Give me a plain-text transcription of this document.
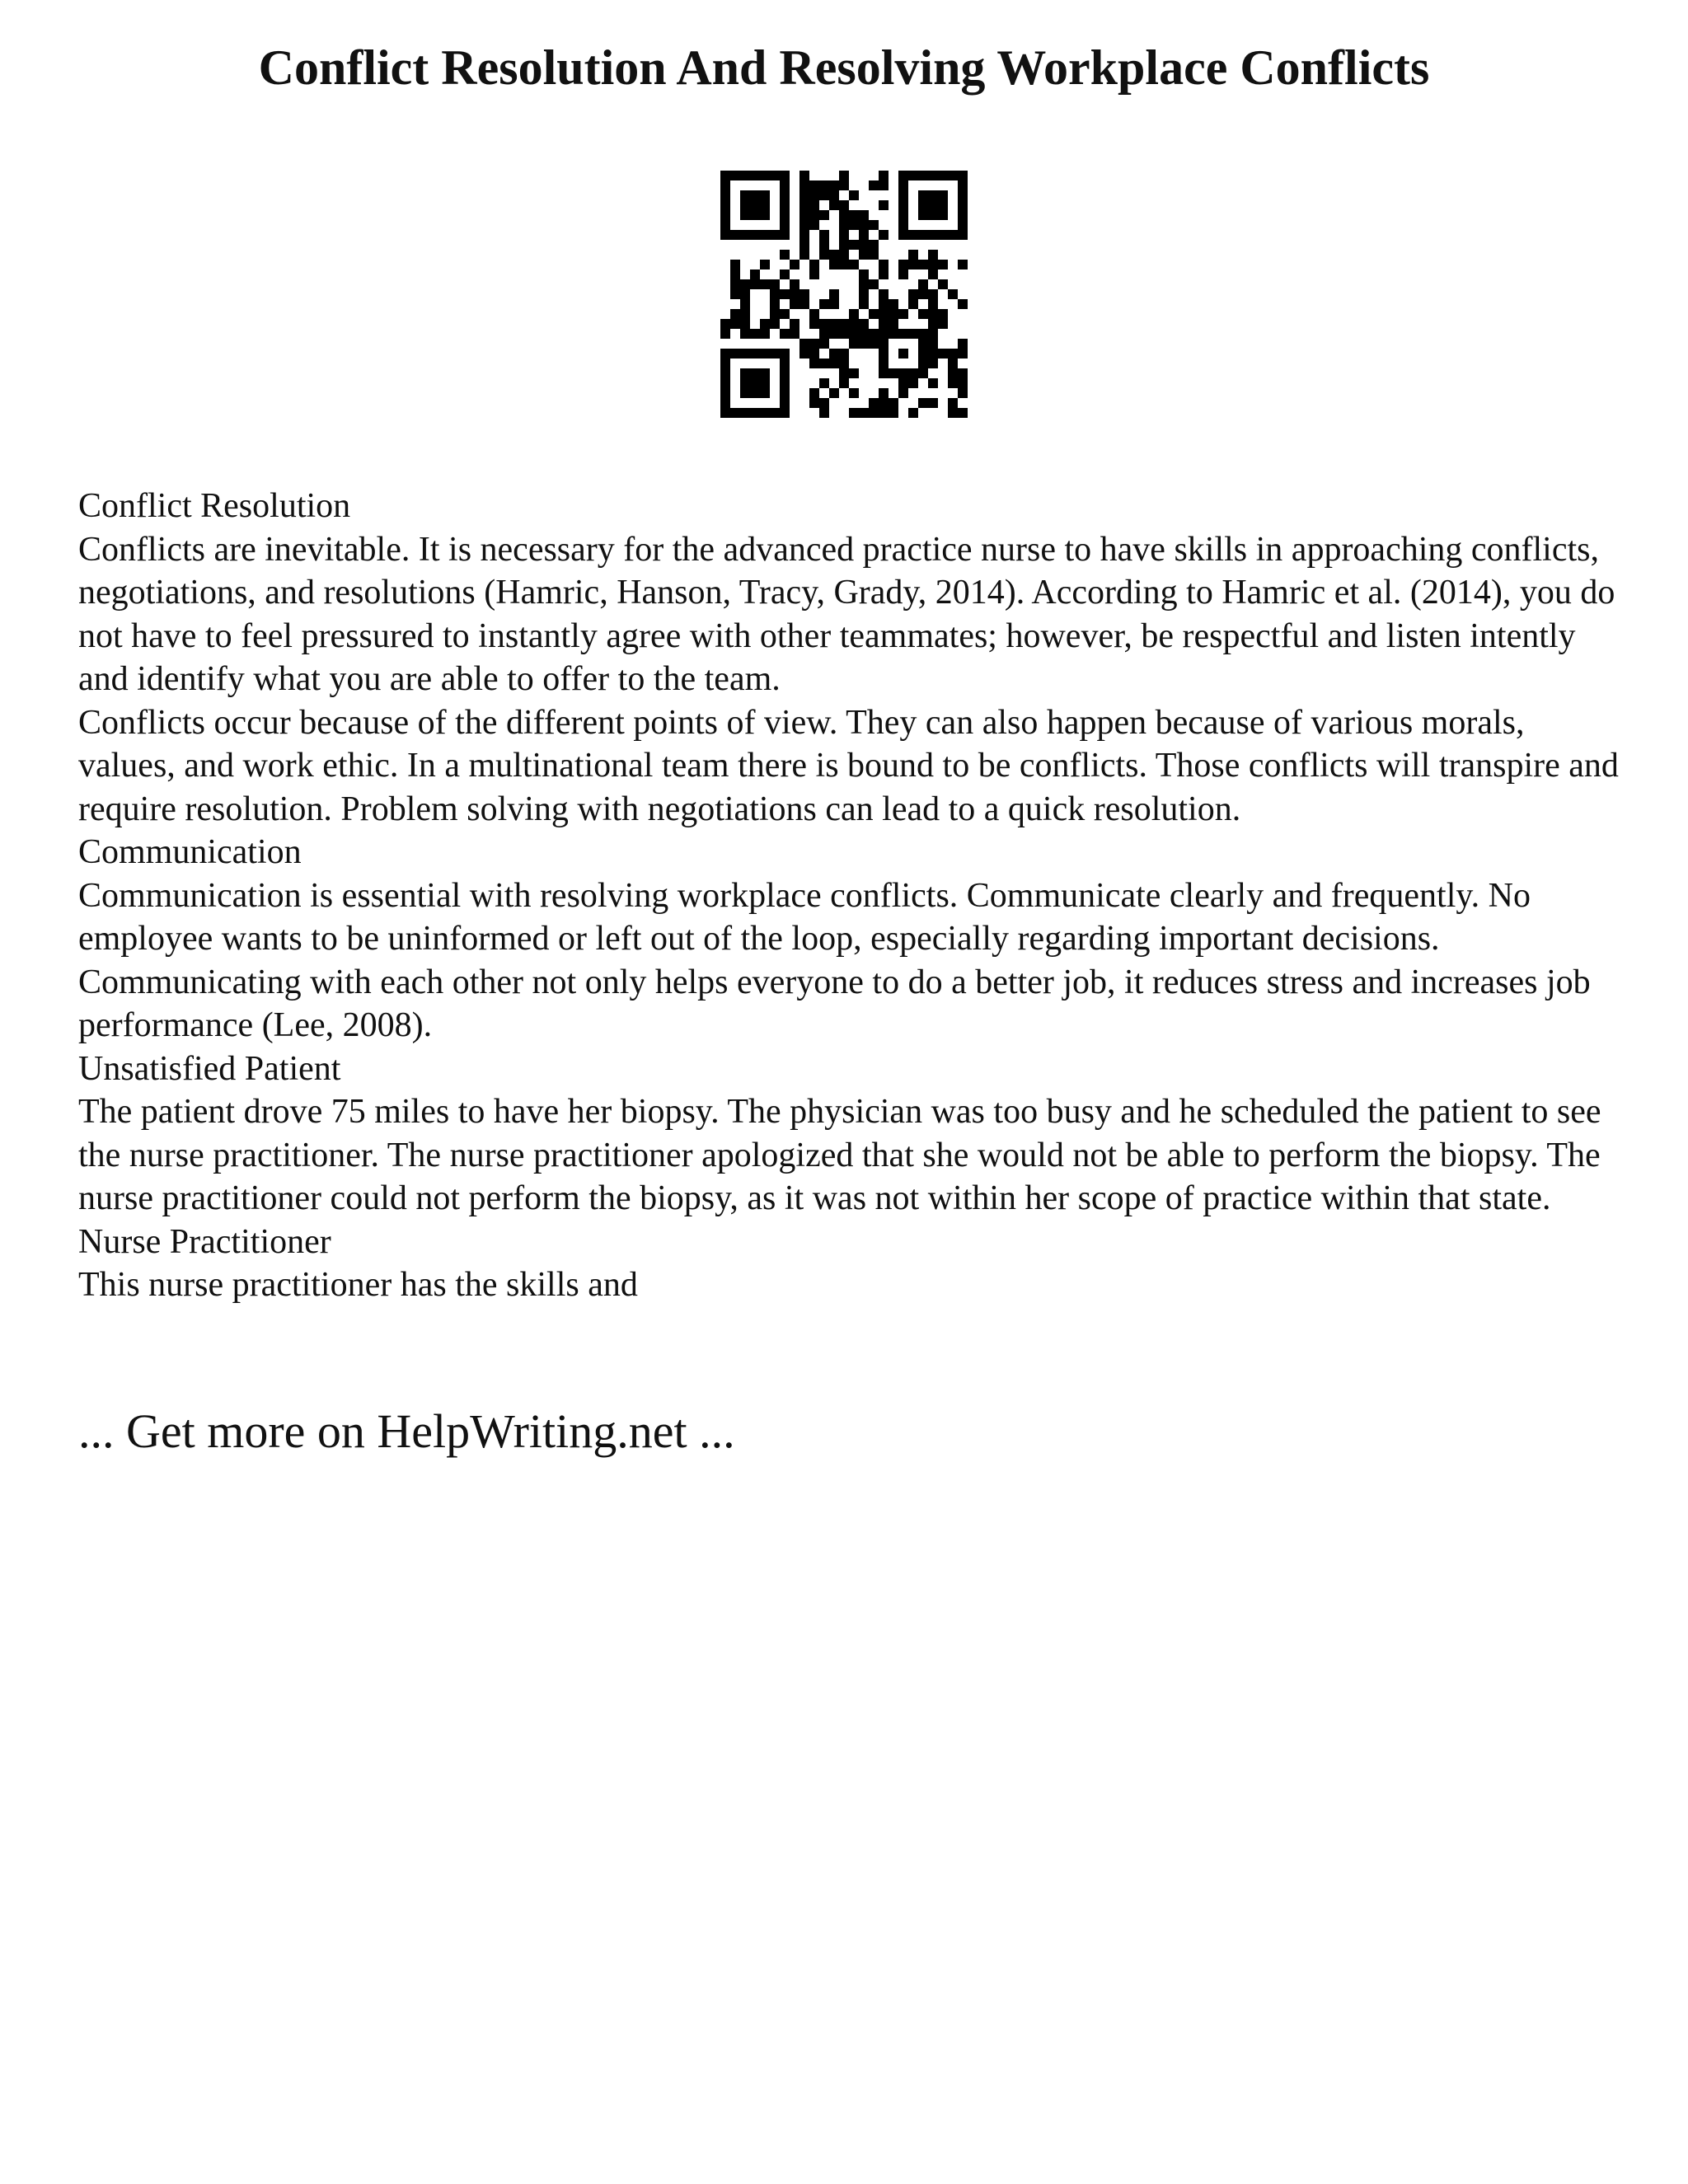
Conflict Resolution And Resolving Workplace Conflicts

Conflict Resolution

Conflicts are inevitable. It is necessary for the advanced practice nurse to have skills in approaching conflicts, negotiations, and resolutions (Hamric, Hanson, Tracy, Grady, 2014). According to Hamric et al. (2014), you do not have to feel pressured to instantly agree with other teammates; however, be respectful and listen intently and identify what you are able to offer to the team.

Conflicts occur because of the different points of view. They can also happen because of various morals, values, and work ethic. In a multinational team there is bound to be conflicts. Those conflicts will transpire and require resolution. Problem solving with negotiations can lead to a quick resolution.

Communication

Communication is essential with resolving workplace conflicts. Communicate clearly and frequently. No employee wants to be uninformed or left out of the loop, especially regarding important decisions. Communicating with each other not only helps everyone to do a better job, it reduces stress and increases job performance (Lee, 2008).

Unsatisfied Patient

The patient drove 75 miles to have her biopsy. The physician was too busy and he scheduled the patient to see the nurse practitioner. The nurse practitioner apologized that she would not be able to perform the biopsy. The nurse practitioner could not perform the biopsy, as it was not within her scope of practice within that state.

Nurse Practitioner

This nurse practitioner has the skills and

... Get more on HelpWriting.net ...
